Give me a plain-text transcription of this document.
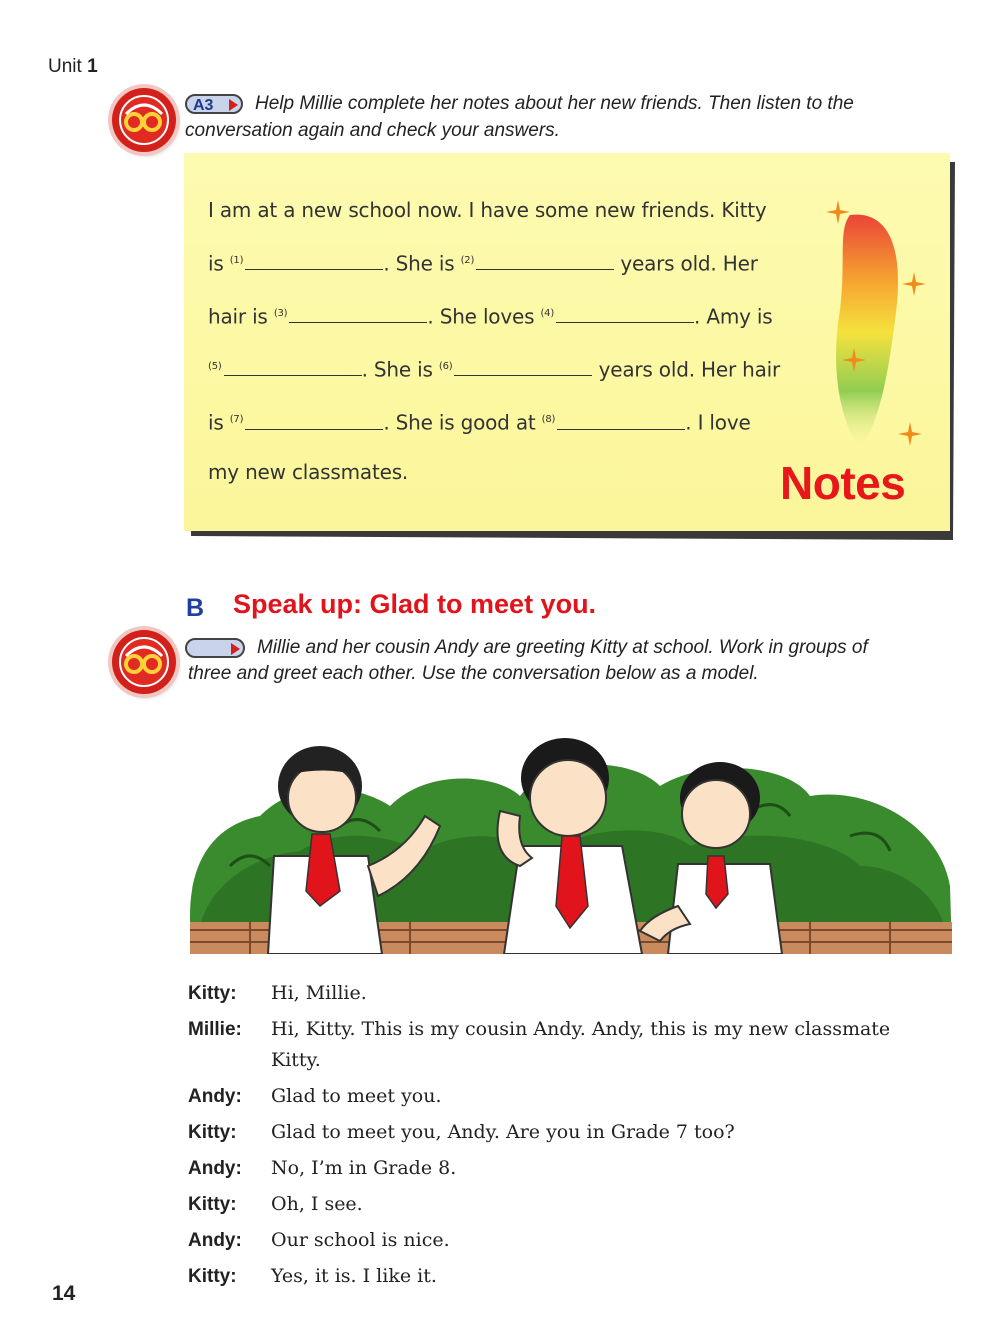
Unit 1
A3	Help Millie complete her notes about her new friends. Then listen to the
conversation again and check your answers.
I am at a new school now. I have some new friends. Kitty
is $^{(1)}$	. She is $^{(2)}$	years old. Her
hair is $^{(3)}$	. She loves $^{(4)}$	. Amy is
$^{(5)}$	. She is $^{(6)}$	years old. Her hair
is $^{(7)}$	. She is good at $^{(8)}$	. I love
my new classmates.	Notes
B Speak up: Glad to meet you.
Millie and her cousin Andy are greeting Kitty at school. Work in groups of
three and greet each other. Use the conversation below as a model.
Kitty:	Hi, Millie.
Millie:	Hi, Kitty. This is my cousin Andy. Andy, this is my new classmate
Kitty.
Andy:	Glad to meet you.
Kitty:	Glad to meet you, Andy. Are you in Grade 7 too?
Andy:	No, I’m in Grade 8.
Kitty:	Oh, I see.
Andy:	Our school is nice.
Kitty:	Yes, it is. I like it.
14
